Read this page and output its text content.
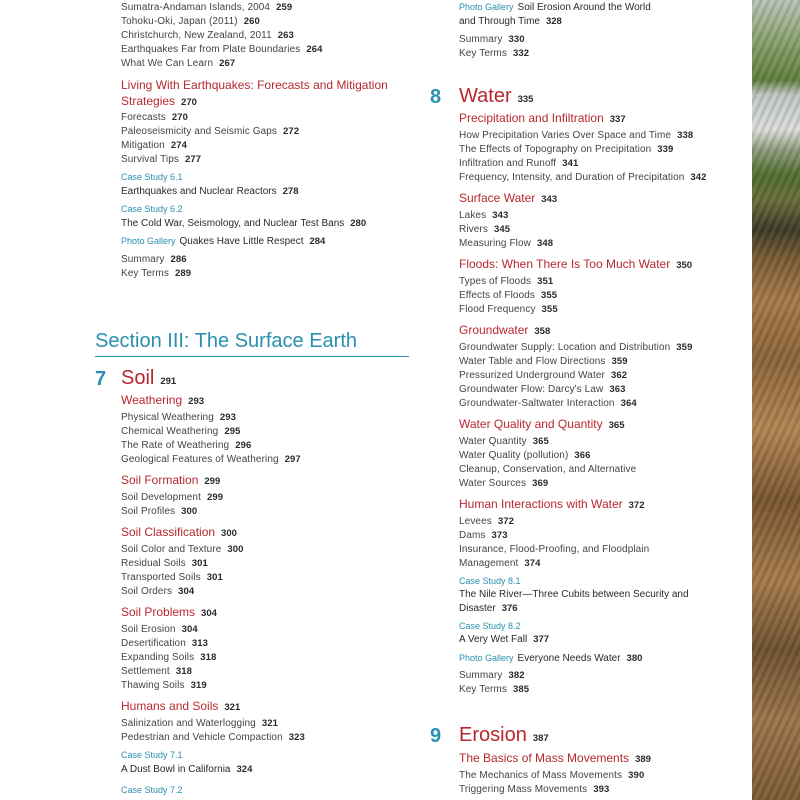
Sumatra-Andaman Islands, 2004 259
Tohoku-Oki, Japan (2011) 260
Christchurch, New Zealand, 2011 263
Earthquakes Far from Plate Boundaries 264
What We Can Learn 267
Living With Earthquakes: Forecasts and Mitigation
Strategies 270
Forecasts 270
Paleoseismicity and Seismic Gaps 272
Mitigation 274
Survival Tips 277
Case Study 6.1
Earthquakes and Nuclear Reactors 278
Case Study 6.2
The Cold War, Seismology, and Nuclear Test Bans 280
Photo Gallery Quakes Have Little Respect 284
Summary 286
Key Terms 289
Section III: The Surface Earth
7 Soil 291
Weathering 293
Physical Weathering 293
Chemical Weathering 295
The Rate of Weathering 296
Geological Features of Weathering 297
Soil Formation 299
Soil Development 299
Soil Profiles 300
Soil Classification 300
Soil Color and Texture 300
Residual Soils 301
Transported Soils 301
Soil Orders 304
Soil Problems 304
Soil Erosion 304
Desertification 313
Expanding Soils 318
Settlement 318
Thawing Soils 319
Humans and Soils 321
Salinization and Waterlogging 321
Pedestrian and Vehicle Compaction 323
Case Study 7.1
A Dust Bowl in California 324
Case Study 7.2
Photo Gallery Soil Erosion Around the World
and Through Time 328
Summary 330
Key Terms 332
8 Water 335
Precipitation and Infiltration 337
How Precipitation Varies Over Space and Time 338
The Effects of Topography on Precipitation 339
Infiltration and Runoff 341
Frequency, Intensity, and Duration of Precipitation 342
Surface Water 343
Lakes 343
Rivers 345
Measuring Flow 348
Floods: When There Is Too Much Water 350
Types of Floods 351
Effects of Floods 355
Flood Frequency 355
Groundwater 358
Groundwater Supply: Location and Distribution 359
Water Table and Flow Directions 359
Pressurized Underground Water 362
Groundwater Flow: Darcy's Law 363
Groundwater-Saltwater Interaction 364
Water Quality and Quantity 365
Water Quantity 365
Water Quality (pollution) 366
Cleanup, Conservation, and Alternative
Water Sources 369
Human Interactions with Water 372
Levees 372
Dams 373
Insurance, Flood-Proofing, and Floodplain
Management 374
Case Study 8.1
The Nile River—Three Cubits between Security and
Disaster 376
Case Study 8.2
A Very Wet Fall 377
Photo Gallery Everyone Needs Water 380
Summary 382
Key Terms 385
9 Erosion 387
The Basics of Mass Movements 389
The Mechanics of Mass Movements 390
Triggering Mass Movements 393
